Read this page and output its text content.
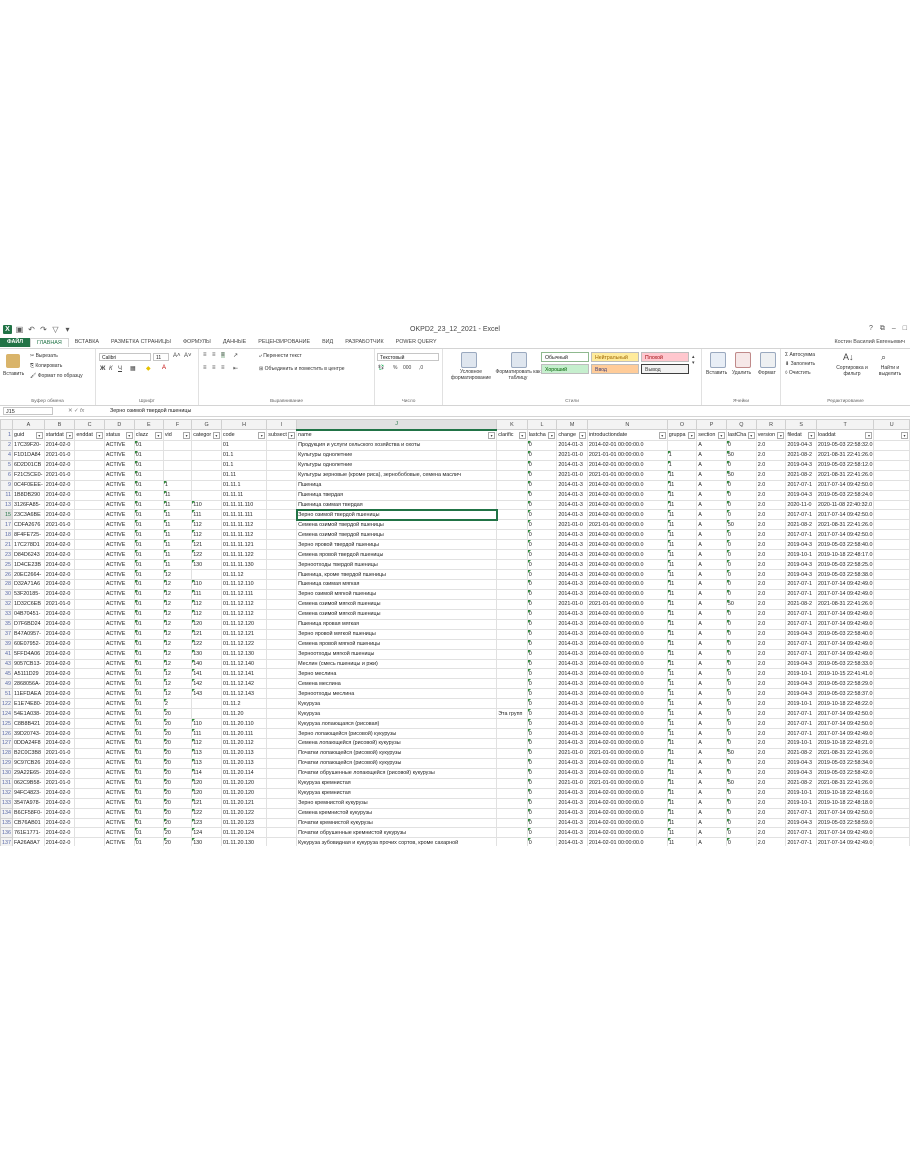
X ▣ ↶ ↷ ▽ ▾	OKPD2_23_12_2021 - Excel	? ⧉ – □
ФАЙЛ	ГЛАВНАЯ	ВСТАВКА	РАЗМЕТКА СТРАНИЦЫ	ФОРМУЛЫ	ДАННЫЕ	РЕЦЕНЗИРОВАНИЕ	ВИД	РАЗРАБОТЧИК	POWER QUERY	Костин Василий Евгеньевич
Вставить
✂ Вырезать
⎘ Копировать
🖌 Формат по образцу
Буфер обмена
Calibri	11	A˄ A˅
Ж К Ч ▦ ◆ A
Шрифт
≡ ≡ ≡ ↗	⤶ Перенести текст
≡ ≡ ≡ ⇤	⊞ Объединить и поместить в центре
Выравнивание
Текстовый
💱 % 000 ,0
Число
Условное форматирование
Форматировать как таблицу
Обычный	Нейтральный	Плохой
Хороший	Ввод	Вывод
▴
▾
Стили
Вставить Удалить Формат
Ячейки
Σ Автосумма
⬇ Заполнить
◊ Очистить
A↓
Сортировка и фильтр
⌕
Найти и выделить
Редактирование
J15	✕ ✓ fx	Зерно озимой твердой пшеницы
	A	B	C	D	E	F	G	H	I	J	K	L	M	N	O	P	Q	R	S	T	U
1	guid ▾	startdat ▾	enddat ▾	status ▾	clazz ▾	vid ▾	categor ▾	code ▾	subsect ▾	name ▾	clarific ▾	lastcha ▾	change ▾	introductiondate ▾	gruppa ▾	section ▾	lastCha ▾	version ▾	filedat ▾	loaddat ▾	▾

2	17C39F20-	2014-02-0		ACTIVE	01			01		Продукция и услуги сельского хозяйства и охоты		0	2014-01-3	2014-02-01 00:00:00.0		A	0	2.0	2019-04-3	2019-05-03 22:58:32.0	
4	F1D1DA84	2021-01-0		ACTIVE	01			01.1		Культуры однолетние		0	2021-01-0	2021-01-01 00:00:00.0	1	A	50	2.0	2021-08-2	2021-08-31 22:41:26.0	
5	6D2D01CB	2014-02-0		ACTIVE	01			01.1		Культуры однолетние		0	2014-01-3	2014-02-01 00:00:00.0	1	A	0	2.0	2019-04-3	2019-05-03 22:58:12.0	
6	F21C5CE0-	2021-01-0		ACTIVE	01			01.11		Культуры зерновые (кроме риса), зернобобовые, семена маслич		0	2021-01-0	2021-01-01 00:00:00.0	11	A	50	2.0	2021-08-2	2021-08-31 22:41:26.0	
9	0C4F0EEE-	2014-02-0		ACTIVE	01	1		01.11.1		Пшеница		0	2014-01-3	2014-02-01 00:00:00.0	11	A	0	2.0	2017-07-1	2017-07-14 09:42:50.0	
11	1B8DB290	2014-02-0		ACTIVE	01	11		01.11.11		Пшеница твердая		0	2014-01-3	2014-02-01 00:00:00.0	11	A	0	2.0	2019-04-3	2019-05-03 22:58:24.0	
13	3126FA85-	2014-02-0		ACTIVE	01	11	110	01.11.11.110		Пшеница озимая твердая		0	2014-01-3	2014-02-01 00:00:00.0	11	A	0	2.0	2020-11-0	2020-11-08 22:40:32.0	
15	23C3A6BE	2014-02-0		ACTIVE	01	11	111	01.11.11.111		Зерно озимой твердой пшеницы		0	2014-01-3	2014-02-01 00:00:00.0	11	A	0	2.0	2017-07-1	2017-07-14 09:42:50.0	
17	CDFA2676	2021-01-0		ACTIVE	01	11	112	01.11.11.112		Семена озимой твердой пшеницы		0	2021-01-0	2021-01-01 00:00:00.0	11	A	50	2.0	2021-08-2	2021-08-31 22:41:26.0	
18	8F4FE725-	2014-02-0		ACTIVE	01	11	112	01.11.11.112		Семена озимой твердой пшеницы		0	2014-01-3	2014-02-01 00:00:00.0	11	A	0	2.0	2017-07-1	2017-07-14 09:42:50.0	
21	17C278D1	2014-02-0		ACTIVE	01	11	121	01.11.11.121		Зерно яровой твердой пшеницы		0	2014-01-3	2014-02-01 00:00:00.0	11	A	0	2.0	2019-04-3	2019-05-03 22:58:40.0	
23	D84D6243	2014-02-0		ACTIVE	01	11	122	01.11.11.122		Семена яровой твердой пшеницы		0	2014-01-3	2014-02-01 00:00:00.0	11	A	0	2.0	2019-10-1	2019-10-18 22:48:17.0	
25	1D4CE23B	2014-02-0		ACTIVE	01	11	130	01.11.11.130		Зерноотходы твердой пшеницы		0	2014-01-3	2014-02-01 00:00:00.0	11	A	0	2.0	2019-04-3	2019-05-03 22:58:25.0	
26	20EC2664-	2014-02-0		ACTIVE	01	12		01.11.12		Пшеница, кроме твердой пшеницы		0	2014-01-3	2014-02-01 00:00:00.0	11	A	0	2.0	2019-04-3	2019-05-03 22:58:38.0	
28	D32A71A6	2014-02-0		ACTIVE	01	12	110	01.11.12.110		Пшеница озимая мягкая		0	2014-01-3	2014-02-01 00:00:00.0	11	A	0	2.0	2017-07-1	2017-07-14 09:42:49.0	
30	53F20185-	2014-02-0		ACTIVE	01	12	111	01.11.12.111		Зерно озимой мягкой пшеницы		0	2014-01-3	2014-02-01 00:00:00.0	11	A	0	2.0	2017-07-1	2017-07-14 09:42:49.0	
32	1D32C6EB	2021-01-0		ACTIVE	01	12	112	01.11.12.112		Семена озимой мягкой пшеницы		0	2021-01-0	2021-01-01 00:00:00.0	11	A	50	2.0	2021-08-2	2021-08-31 22:41:26.0	
33	04B70451-	2014-02-0		ACTIVE	01	12	112	01.11.12.112		Семена озимой мягкой пшеницы		0	2014-01-3	2014-02-01 00:00:00.0	11	A	0	2.0	2017-07-1	2017-07-14 09:42:49.0	
35	D7F6BD24	2014-02-0		ACTIVE	01	12	120	01.11.12.120		Пшеница яровая мягкая		0	2014-01-3	2014-02-01 00:00:00.0	11	A	0	2.0	2017-07-1	2017-07-14 09:42:49.0	
37	B47A0957-	2014-02-0		ACTIVE	01	12	121	01.11.12.121		Зерно яровой мягкой пшеницы		0	2014-01-3	2014-02-01 00:00:00.0	11	A	0	2.0	2019-04-3	2019-05-03 22:58:40.0	
39	60E07952-	2014-02-0		ACTIVE	01	12	122	01.11.12.122		Семена яровой мягкой пшеницы		0	2014-01-3	2014-02-01 00:00:00.0	11	A	0	2.0	2017-07-1	2017-07-14 09:42:49.0	
41	5FFD4A06	2014-02-0		ACTIVE	01	12	130	01.11.12.130		Зерноотходы мягкой пшеницы		0	2014-01-3	2014-02-01 00:00:00.0	11	A	0	2.0	2017-07-1	2017-07-14 09:42:49.0	
43	9057CB13-	2014-02-0		ACTIVE	01	12	140	01.11.12.140		Меслин (смесь пшеницы и ржи)		0	2014-01-3	2014-02-01 00:00:00.0	11	A	0	2.0	2019-04-3	2019-05-03 22:58:33.0	
45	A5111D29	2014-02-0		ACTIVE	01	12	141	01.11.12.141		Зерно меслина		0	2014-01-3	2014-02-01 00:00:00.0	11	A	0	2.0	2019-10-1	2019-10-15 22:41:41.0	
49	2868056A-	2014-02-0		ACTIVE	01	12	142	01.11.12.142		Семена меслина		0	2014-01-3	2014-02-01 00:00:00.0	11	A	0	2.0	2019-04-3	2019-05-03 22:58:29.0	
51	11EFDAEA	2014-02-0		ACTIVE	01	12	143	01.11.12.143		Зерноотходы меслина		0	2014-01-3	2014-02-01 00:00:00.0	11	A	0	2.0	2019-04-3	2019-05-03 22:58:37.0	
122	E1E74E80-	2014-02-0		ACTIVE	01	2		01.11.2		Кукуруза		0	2014-01-3	2014-02-01 00:00:00.0	11	A	0	2.0	2019-10-1	2019-10-18 22:48:22.0	
124	54E1A038-	2014-02-0		ACTIVE	01	20		01.11.20		Кукуруза	Эта групп	0	2014-01-3	2014-02-01 00:00:00.0	11	A	0	2.0	2017-07-1	2017-07-14 09:42:50.0	
125	C8B8B421	2014-02-0		ACTIVE	01	20	110	01.11.20.110		Кукуруза лопающаяся (рисовая)		0	2014-01-3	2014-02-01 00:00:00.0	11	A	0	2.0	2017-07-1	2017-07-14 09:42:50.0	
126	39D20743-	2014-02-0		ACTIVE	01	20	111	01.11.20.111		Зерно лопающейся (рисовой) кукурузы		0	2014-01-3	2014-02-01 00:00:00.0	11	A	0	2.0	2017-07-1	2017-07-14 09:42:49.0	
127	0DDA24F8	2014-02-0		ACTIVE	01	20	112	01.11.20.112		Семена лопающейся (рисовой) кукурузы		0	2014-01-3	2014-02-01 00:00:00.0	11	A	0	2.0	2019-10-1	2019-10-18 22:48:21.0	
128	B2C0C3B8	2021-01-0		ACTIVE	01	20	113	01.11.20.113		Початки лопающейся (рисовой) кукурузы		0	2021-01-0	2021-01-01 00:00:00.0	11	A	50	2.0	2021-08-2	2021-08-31 22:41:26.0	
129	9C97CB26	2014-02-0		ACTIVE	01	20	113	01.11.20.113		Початки лопающейся (рисовой) кукурузы		0	2014-01-3	2014-02-01 00:00:00.0	11	A	0	2.0	2019-04-3	2019-05-03 22:58:34.0	
130	29A22E65-	2014-02-0		ACTIVE	01	20	114	01.11.20.114		Початки обрушенные лопающейся (рисовой) кукурузы		0	2014-01-3	2014-02-01 00:00:00.0	11	A	0	2.0	2019-04-3	2019-05-03 22:58:42.0	
131	062C9B58-	2021-01-0		ACTIVE	01	20	120	01.11.20.120		Кукуруза кремнистая		0	2021-01-0	2021-01-01 00:00:00.0	11	A	50	2.0	2021-08-2	2021-08-31 22:41:26.0	
132	94FC4823-	2014-02-0		ACTIVE	01	20	120	01.11.20.120		Кукуруза кремнистая		0	2014-01-3	2014-02-01 00:00:00.0	11	A	0	2.0	2019-10-1	2019-10-18 22:48:16.0	
133	3547A978-	2014-02-0		ACTIVE	01	20	121	01.11.20.121		Зерно кремнистой кукурузы		0	2014-01-3	2014-02-01 00:00:00.0	11	A	0	2.0	2019-10-1	2019-10-18 22:48:18.0	
134	B6CF58F0-	2014-02-0		ACTIVE	01	20	122	01.11.20.122		Семена кремнистой кукурузы		0	2014-01-3	2014-02-01 00:00:00.0	11	A	0	2.0	2017-07-1	2017-07-14 09:42:50.0	
135	CB76AB01	2014-02-0		ACTIVE	01	20	123	01.11.20.123		Початки кремнистой кукурузы		0	2014-01-3	2014-02-01 00:00:00.0	11	A	0	2.0	2019-04-3	2019-05-03 22:58:59.0	
136	761E1771-	2014-02-0		ACTIVE	01	20	124	01.11.20.124		Початки обрушенные кремнистой кукурузы		0	2014-01-3	2014-02-01 00:00:00.0	11	A	0	2.0	2017-07-1	2017-07-14 09:42:49.0	
137	FA26A8A7	2014-02-0		ACTIVE	01	20	130	01.11.20.130		Кукуруза зубовидная и кукуруза прочих сортов, кроме сахарной		0	2014-01-3	2014-02-01 00:00:00.0	11	A	0	2.0	2017-07-1	2017-07-14 09:42:49.0	
